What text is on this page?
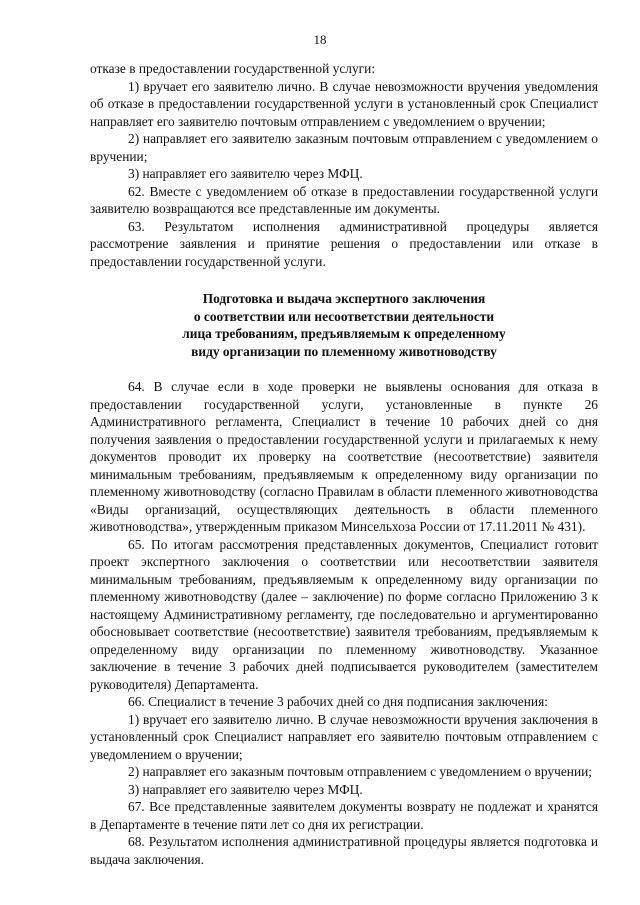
18

отказе в предоставлении государственной услуги:

1) вручает его заявителю лично. В случае невозможности вручения уведомления об отказе в предоставлении государственной услуги в установленный срок Специалист направляет его заявителю почтовым отправлением с уведомлением о вручении;

2) направляет его заявителю заказным почтовым отправлением с уведомлением о вручении;

3) направляет его заявителю через МФЦ.

62. Вместе с уведомлением об отказе в предоставлении государственной услуги заявителю возвращаются все представленные им документы.

63. Результатом исполнения административной процедуры является рассмотрение заявления и принятие решения о предоставлении или отказе в предоставлении государственной услуги.

Подготовка и выдача экспертного заключения
о соответствии или несоответствии деятельности
лица требованиям, предъявляемым к определенному
виду организации по племенному животноводству

64. В случае если в ходе проверки не выявлены основания для отказа в предоставлении государственной услуги, установленные в пункте 26 Административного регламента, Специалист в течение 10 рабочих дней со дня получения заявления о предоставлении государственной услуги и прилагаемых к нему документов проводит их проверку на соответствие (несоответствие) заявителя минимальным требованиям, предъявляемым к определенному виду организации по племенному животноводству (согласно Правилам в области племенного животноводства «Виды организаций, осуществляющих деятельность в области племенного животноводства», утвержденным приказом Минсельхоза России от 17.11.2011 № 431).

65. По итогам рассмотрения представленных документов, Специалист готовит проект экспертного заключения о соответствии или несоответствии заявителя минимальным требованиям, предъявляемым к определенному виду организации по племенному животноводству (далее – заключение) по форме согласно Приложению 3 к настоящему Административному регламенту, где последовательно и аргументированно обосновывает соответствие (несоответствие) заявителя требованиям, предъявляемым к определенному виду организации по племенному животноводству. Указанное заключение в течение 3 рабочих дней подписывается руководителем (заместителем руководителя) Департамента.

66. Специалист в течение 3 рабочих дней со дня подписания заключения:

1) вручает его заявителю лично. В случае невозможности вручения заключения в установленный срок Специалист направляет его заявителю почтовым отправлением с уведомлением о вручении;

2) направляет его заказным почтовым отправлением с уведомлением о вручении;

3) направляет его заявителю через МФЦ.

67. Все представленные заявителем документы возврату не подлежат и хранятся в Департаменте в течение пяти лет со дня их регистрации.

68. Результатом исполнения административной процедуры является подготовка и выдача заключения.
